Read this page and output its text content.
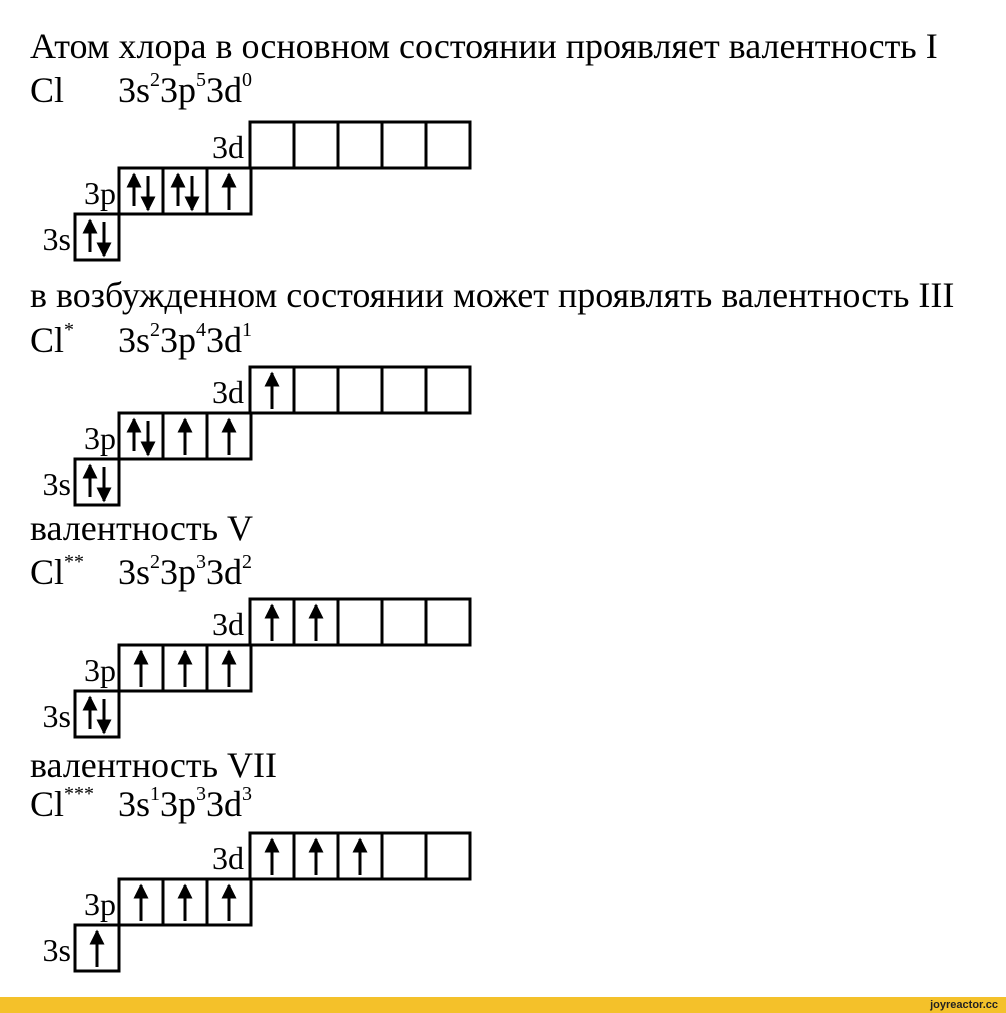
Атом хлора в основном состоянии проявляет валентность I
Cl $3s^23p^53d^0$
3d
3p
3s
в возбужденном состоянии может проявлять валентность III
Cl* $3s^23p^43d^1$
3d
3p
3s
валентность V
Cl** $3s^23p^33d^2$
3d
3p
3s
валентность VII
Cl*** $3s^13p^33d^3$
3d
3p
3s
joyreactor.cc
